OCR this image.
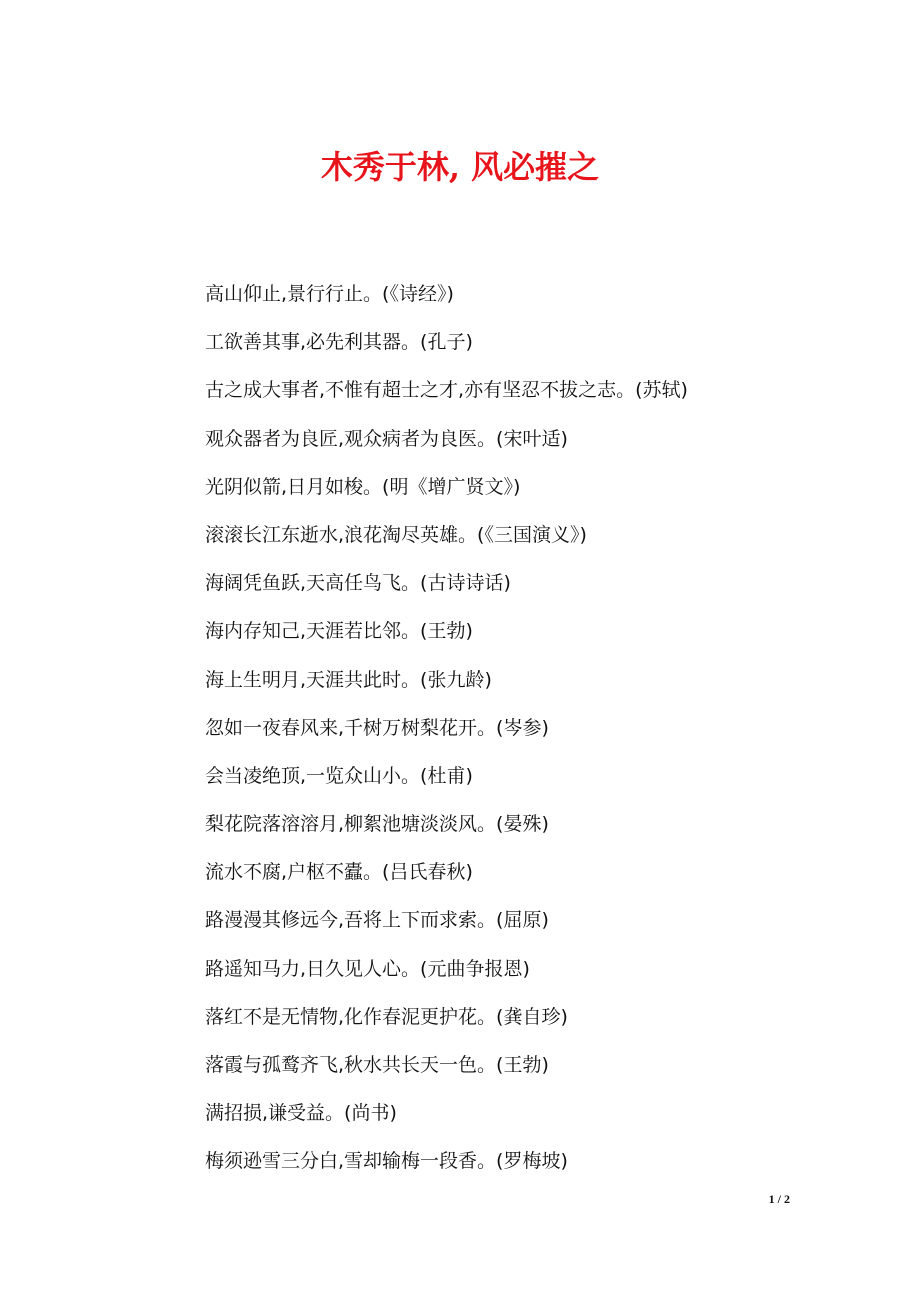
木秀于林, 风必摧之
高山仰止,景行行止。(《诗经》)
工欲善其事,必先利其器。(孔子)
古之成大事者,不惟有超士之才,亦有坚忍不拔之志。(苏轼)
观众器者为良匠,观众病者为良医。(宋叶适)
光阴似箭,日月如梭。(明《增广贤文》)
滚滚长江东逝水,浪花淘尽英雄。(《三国演义》)
海阔凭鱼跃,天高任鸟飞。(古诗诗话)
海内存知己,天涯若比邻。(王勃)
海上生明月,天涯共此时。(张九龄)
忽如一夜春风来,千树万树梨花开。(岑参)
会当凌绝顶,一览众山小。(杜甫)
梨花院落溶溶月,柳絮池塘淡淡风。(晏殊)
流水不腐,户枢不蠹。(吕氏春秋)
路漫漫其修远今,吾将上下而求索。(屈原)
路遥知马力,日久见人心。(元曲争报恩)
落红不是无情物,化作春泥更护花。(龚自珍)
落霞与孤鹜齐飞,秋水共长天一色。(王勃)
满招损,谦受益。(尚书)
梅须逊雪三分白,雪却输梅一段香。(罗梅坡)
1 / 2
